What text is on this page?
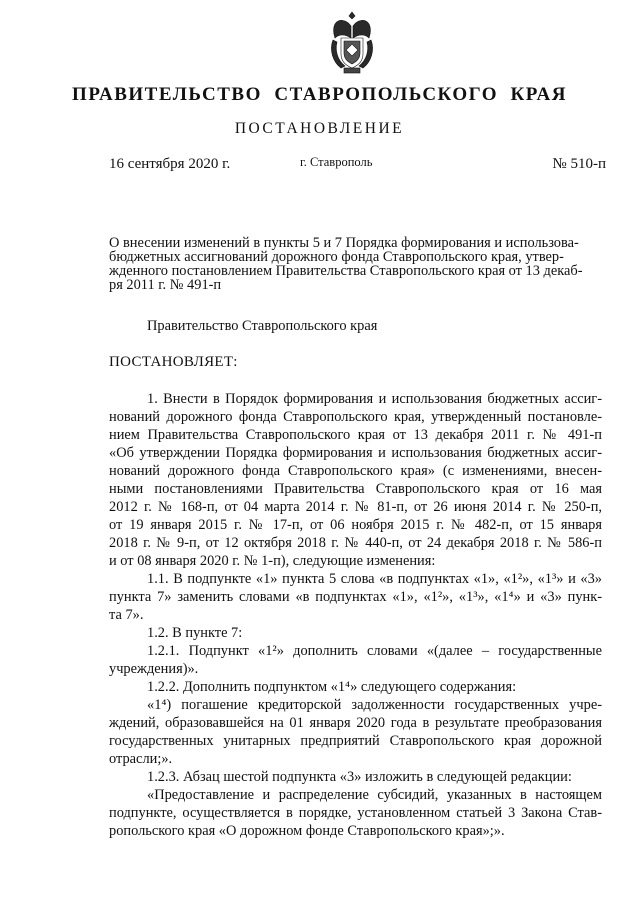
ПРАВИТЕЛЬСТВО  СТАВРОПОЛЬСКОГО  КРАЯ
ПОСТАНОВЛЕНИЕ
16 сентября 2020 г.	г. Ставрополь	№ 510-п
О внесении изменений в пункты 5 и 7 Порядка формирования и использова-
бюджетных ассигнований дорожного фонда Ставропольского края, утвер-
жденного постановлением Правительства Ставропольского края от 13 декаб-
ря 2011 г. № 491-п
Правительство Ставропольского края
ПОСТАНОВЛЯЕТ:
1. Внести в Порядок формирования и использования бюджетных ассиг-
нований дорожного фонда Ставропольского края, утвержденный постановле-
нием Правительства Ставропольского края от 13 декабря 2011 г. № 491-п
«Об утверждении Порядка формирования и использования бюджетных ассиг-
нований дорожного фонда Ставропольского края» (с изменениями, внесен-
ными постановлениями Правительства Ставропольского края от 16 мая
2012 г. № 168-п, от 04 марта 2014 г. № 81-п, от 26 июня 2014 г. № 250-п,
от 19 января 2015 г. № 17-п, от 06 ноября 2015 г. № 482-п, от 15 января
2018 г. № 9-п, от 12 октября 2018 г. № 440-п, от 24 декабря 2018 г. № 586-п
и от 08 января 2020 г. № 1-п), следующие изменения:
1.1. В подпункте «1» пункта 5 слова «в подпунктах «1», «1²», «1³» и «3»
пункта 7» заменить словами «в подпунктах «1», «1²», «1³», «1⁴» и «3» пунк-
та 7».
1.2. В пункте 7:
1.2.1. Подпункт «1²» дополнить словами «(далее – государственные
учреждения)».
1.2.2. Дополнить подпунктом «1⁴» следующего содержания:
«1⁴) погашение кредиторской задолженности государственных учре-
ждений, образовавшейся на 01 января 2020 года в результате преобразования
государственных унитарных предприятий Ставропольского края дорожной
отрасли;».
1.2.3. Абзац шестой подпункта «3» изложить в следующей редакции:
«Предоставление и распределение субсидий, указанных в настоящем
подпункте, осуществляется в порядке, установленном статьей 3 Закона Став-
ропольского края «О дорожном фонде Ставропольского края»;».
